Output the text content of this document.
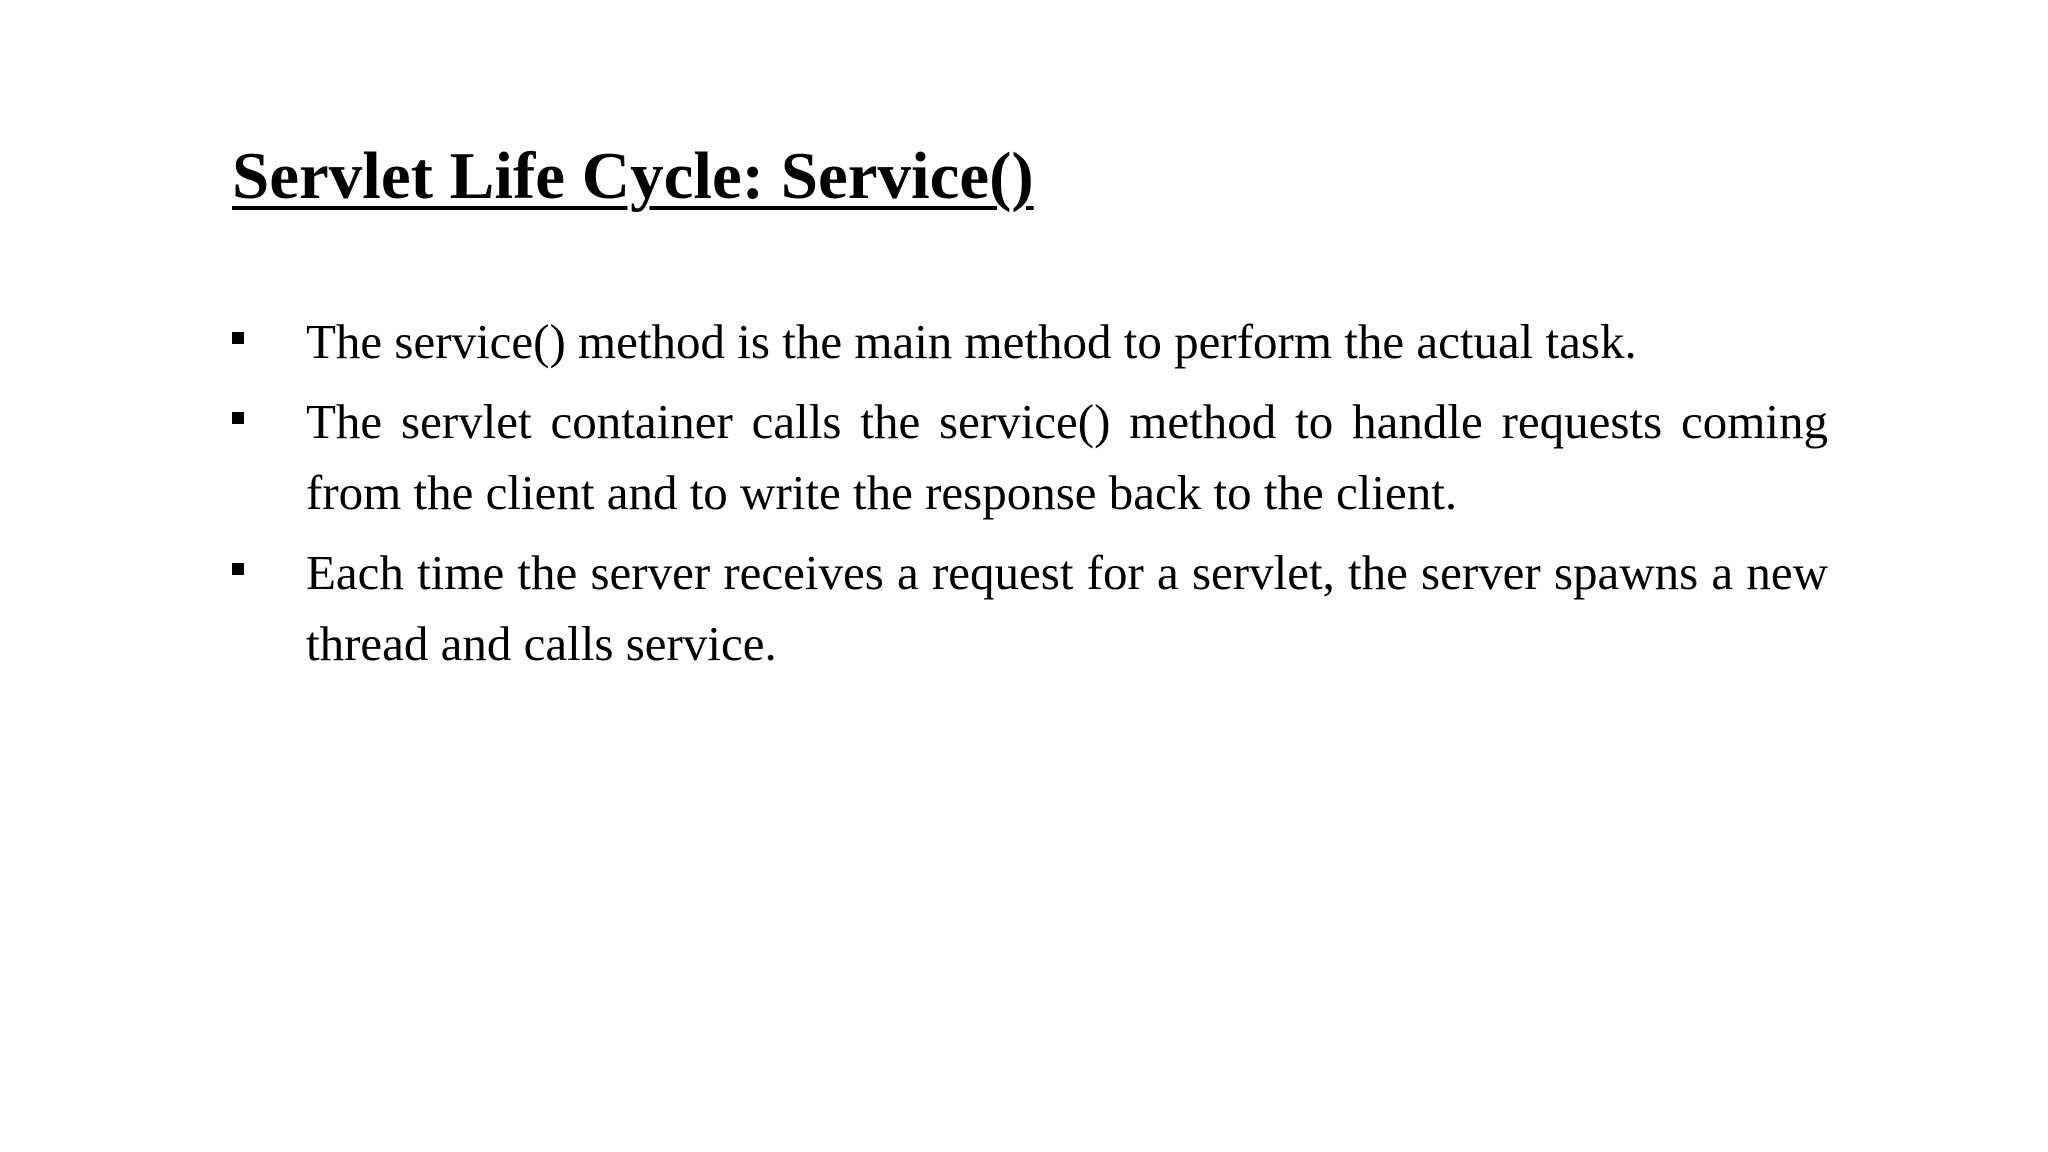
Servlet Life Cycle: Service()
The service() method is the main method to perform the actual task.
The servlet container calls the service() method to handle requests coming from the client and to write the response back to the client.
Each time the server receives a request for a servlet, the server spawns a new thread and calls service.
